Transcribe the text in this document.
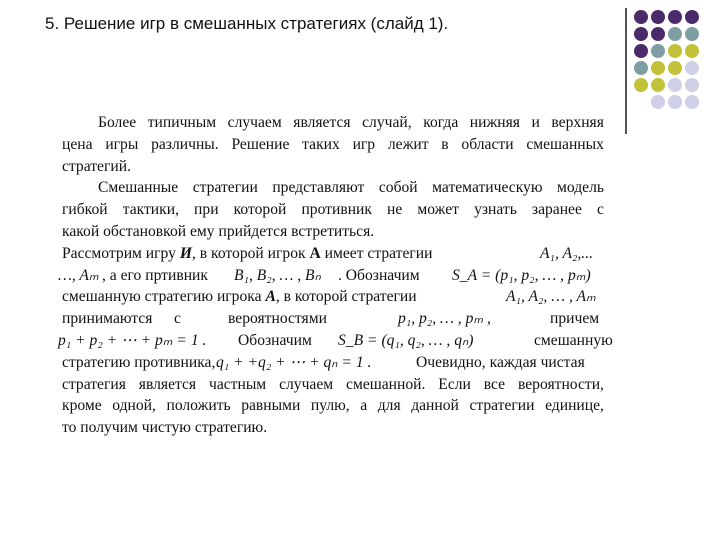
5. Решение игр в смешанных стратегиях (слайд 1).
Более типичным случаем является случай, когда нижняя и верхняя
цена игры различны. Решение таких игр лежит в области смешанных
стратегий.
Смешанные стратегии представляют собой математическую модель
гибкой тактики, при которой противник не может узнать заранее с
какой обстановкой ему прийдется встретиться.
Рассмотрим игру И, в которой игрок А имеет стратегии	A₁, A₂,...
…, Aₘ , а его пртивник B₁, B₂, … , Bₙ . Обозначим S_A = (p₁, p₂, … , pₘ)
смешанную стратегию игрока А, в которой стратегии	A₁, A₂, … , Aₘ
принимаются с	вероятностями	p₁, p₂, … , pₘ ,	причем
p₁ + p₂ + ⋯ + pₘ = 1 . Обозначим S_B = (q₁, q₂, … , qₙ)	смешанную
стратегию противника, q₁ + +q₂ + ⋯ + qₙ = 1 .	Очевидно, каждая чистая
стратегия является частным случаем смешанной. Если все вероятности,
кроме одной, положить равными пулю, а для данной стратегии единице,
то получим чистую стратегию.
